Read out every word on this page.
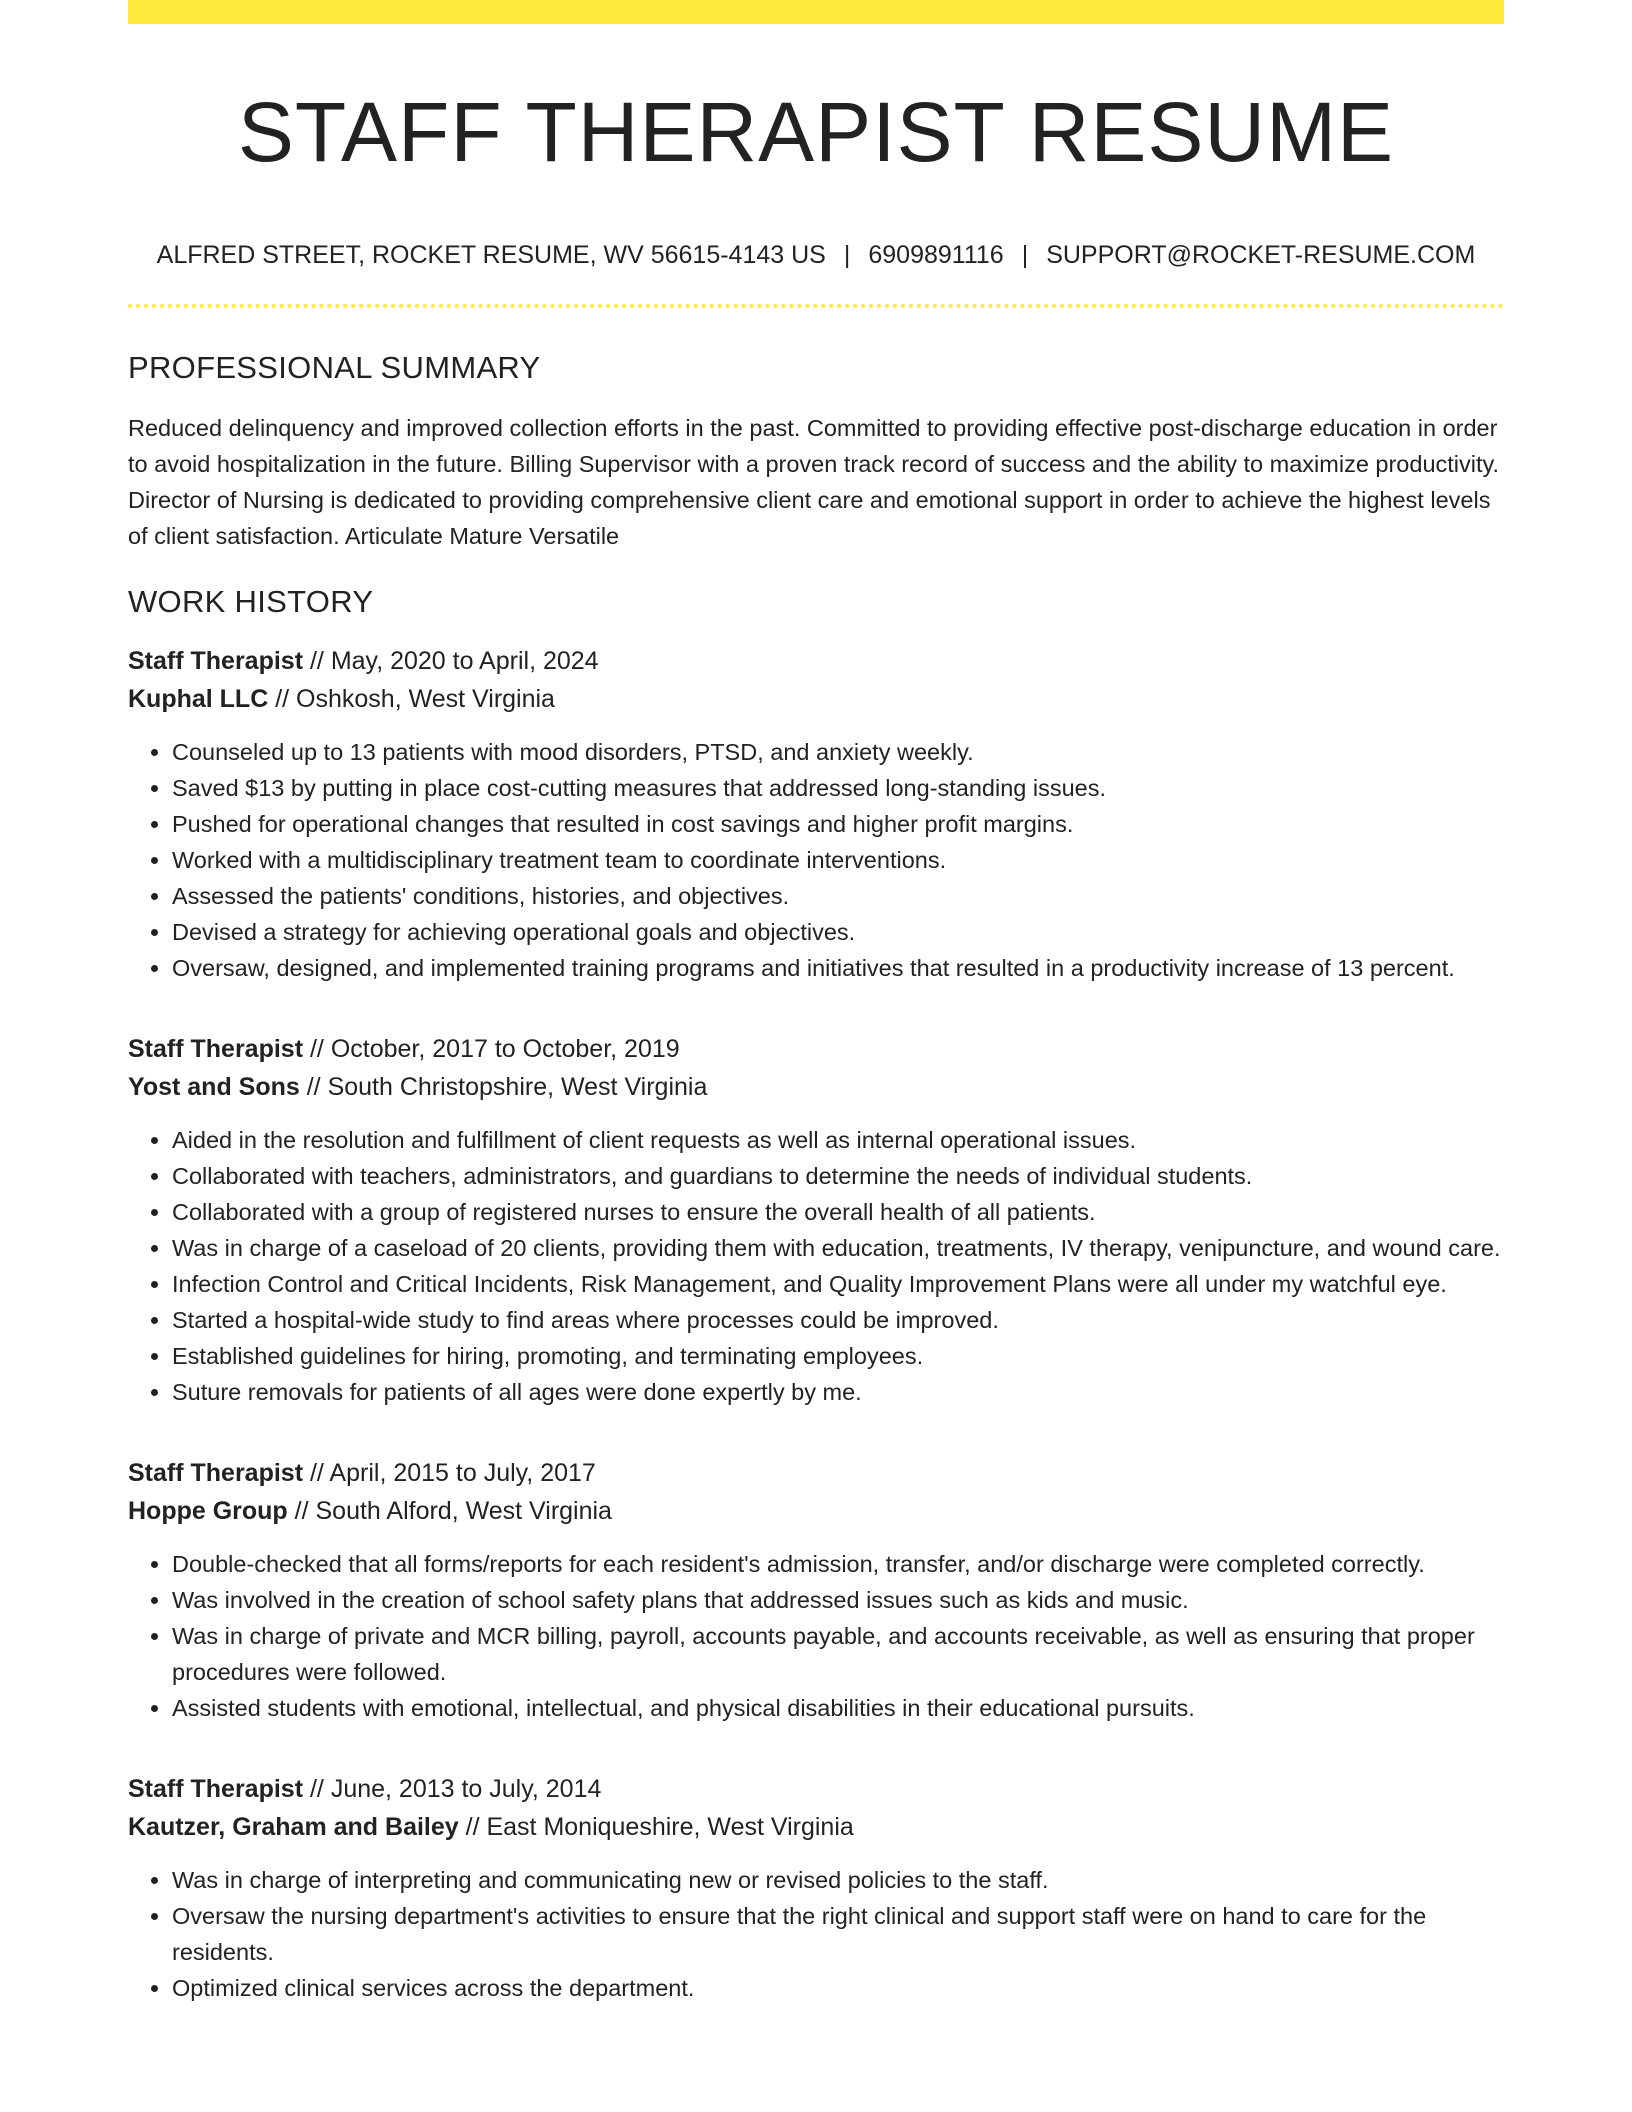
STAFF THERAPIST RESUME
ALFRED STREET, ROCKET RESUME, WV 56615-4143 US | 6909891116 | SUPPORT@ROCKET-RESUME.COM
PROFESSIONAL SUMMARY

Reduced delinquency and improved collection efforts in the past. Committed to providing effective post-discharge education in order to avoid hospitalization in the future. Billing Supervisor with a proven track record of success and the ability to maximize productivity. Director of Nursing is dedicated to providing comprehensive client care and emotional support in order to achieve the highest levels of client satisfaction. Articulate Mature Versatile

WORK HISTORY
Staff Therapist // May, 2020 to April, 2024
Kuphal LLC // Oshkosh, West Virginia
• Counseled up to 13 patients with mood disorders, PTSD, and anxiety weekly.
• Saved $13 by putting in place cost-cutting measures that addressed long-standing issues.
• Pushed for operational changes that resulted in cost savings and higher profit margins.
• Worked with a multidisciplinary treatment team to coordinate interventions.
• Assessed the patients' conditions, histories, and objectives.
• Devised a strategy for achieving operational goals and objectives.
• Oversaw, designed, and implemented training programs and initiatives that resulted in a productivity increase of 13 percent.
Staff Therapist // October, 2017 to October, 2019
Yost and Sons // South Christopshire, West Virginia
• Aided in the resolution and fulfillment of client requests as well as internal operational issues.
• Collaborated with teachers, administrators, and guardians to determine the needs of individual students.
• Collaborated with a group of registered nurses to ensure the overall health of all patients.
• Was in charge of a caseload of 20 clients, providing them with education, treatments, IV therapy, venipuncture, and wound care.
• Infection Control and Critical Incidents, Risk Management, and Quality Improvement Plans were all under my watchful eye.
• Started a hospital-wide study to find areas where processes could be improved.
• Established guidelines for hiring, promoting, and terminating employees.
• Suture removals for patients of all ages were done expertly by me.
Staff Therapist // April, 2015 to July, 2017
Hoppe Group // South Alford, West Virginia
• Double-checked that all forms/reports for each resident's admission, transfer, and/or discharge were completed correctly.
• Was involved in the creation of school safety plans that addressed issues such as kids and music.
• Was in charge of private and MCR billing, payroll, accounts payable, and accounts receivable, as well as ensuring that proper procedures were followed.
• Assisted students with emotional, intellectual, and physical disabilities in their educational pursuits.
Staff Therapist // June, 2013 to July, 2014
Kautzer, Graham and Bailey // East Moniqueshire, West Virginia
• Was in charge of interpreting and communicating new or revised policies to the staff.
• Oversaw the nursing department's activities to ensure that the right clinical and support staff were on hand to care for the residents.
• Optimized clinical services across the department.
